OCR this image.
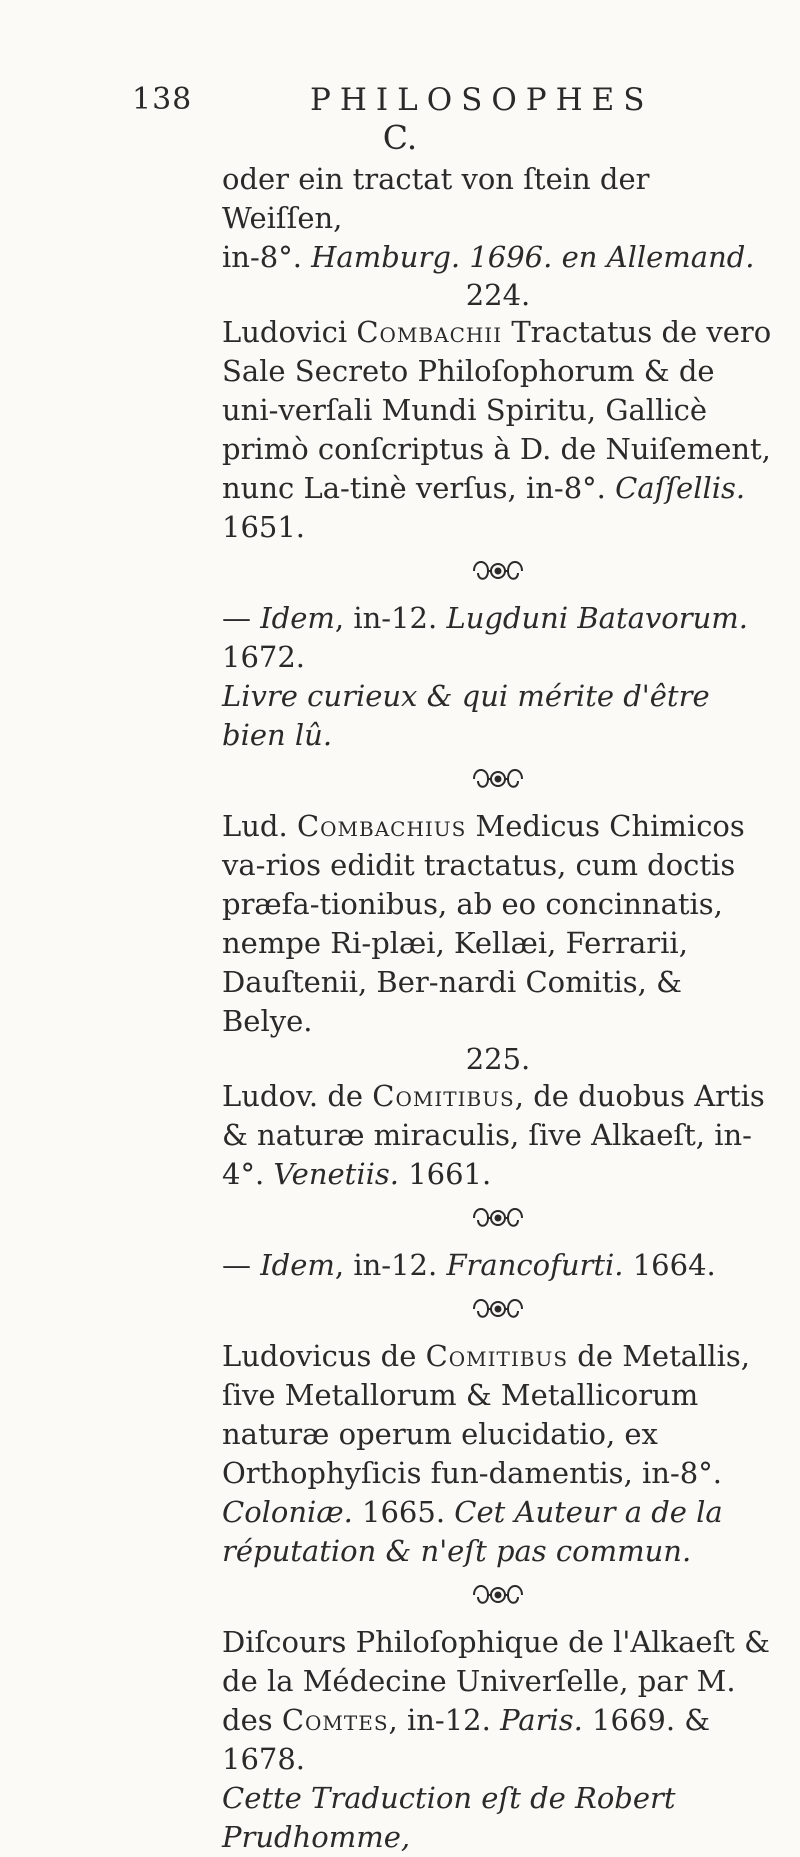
138	PHILOSOPHES
C.

oder ein tractat von ſtein der Weiſſen,
in-8°. Hamburg. 1696. en Allemand.

224.

Ludovici Combachii Tractatus de vero Sale Secreto Philoſophorum & de uni-verſali Mundi Spiritu, Gallicè primò conſcriptus à D. de Nuiſement, nunc La-tinè verſus, in-8°. Caſſellis. 1651.

— Idem, in-12. Lugduni Batavorum. 1672.
Livre curieux & qui mérite d'être bien lû.

Lud. Combachius Medicus Chimicos va-rios edidit tractatus, cum doctis præfa-tionibus, ab eo concinnatis, nempe Ri-plæi, Kellæi, Ferrarii, Dauſtenii, Ber-nardi Comitis, & Belye.

225.

Ludov. de Comitibus, de duobus Artis & naturæ miraculis, ſive Alkaeſt, in-4°. Venetiis. 1661.

— Idem, in-12. Francofurti. 1664.

Ludovicus de Comitibus de Metallis, ſive Metallorum & Metallicorum naturæ operum elucidatio, ex Orthophyſicis fun-damentis, in-8°. Coloniæ. 1665. Cet Auteur a de la réputation & n'eſt pas commun.

Diſcours Philoſophique de l'Alkaeſt & de la Médecine Univerſelle, par M. des Comtes, in-12. Paris. 1669. & 1678.
Cette Traduction eſt de Robert Prudhomme,
